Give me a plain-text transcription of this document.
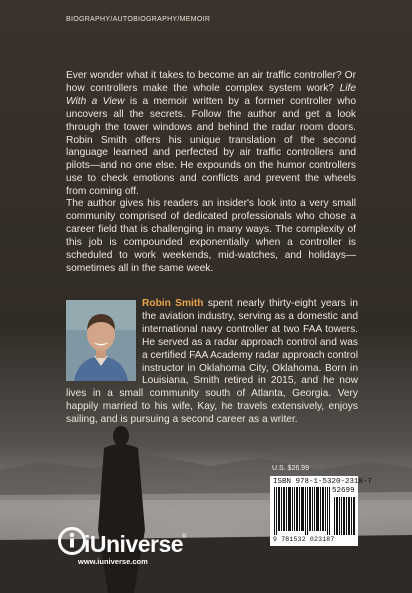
BIOGRAPHY/AUTOBIOGRAPHY/MEMOIR

Ever wonder what it takes to become an air traffic controller? Or how controllers make the whole complex system work? Life With a View is a memoir written by a former controller who uncovers all the secrets. Follow the author and get a look through the tower windows and behind the radar room doors. Robin Smith offers his unique translation of the second language learned and perfected by air traffic controllers and pilots—and no one else. He expounds on the humor controllers use to check emotions and conflicts and prevent the wheels from coming off.

The author gives his readers an insider's look into a very small community comprised of dedicated professionals who chose a career field that is challenging in many ways. The complexity of this job is compounded exponentially when a controller is scheduled to work weekends, mid-watches, and holidays—sometimes all in the same week.

Robin Smith spent nearly thirty-eight years in the aviation industry, serving as a domestic and international navy controller at two FAA towers. He served as a radar approach control and was a certified FAA Academy radar approach control instructor in Oklahoma City, Oklahoma. Born in Louisiana, Smith retired in 2015, and he now lives in a small community south of Atlanta, Georgia. Very happily married to his wife, Kay, he travels extensively, enjoys sailing, and is pursuing a second career as a writer.

U.S. $26.99
ISBN 978-1-5320-2318-7
52699
9 781532 023187
iUniverse
®
www.iuniverse.com
